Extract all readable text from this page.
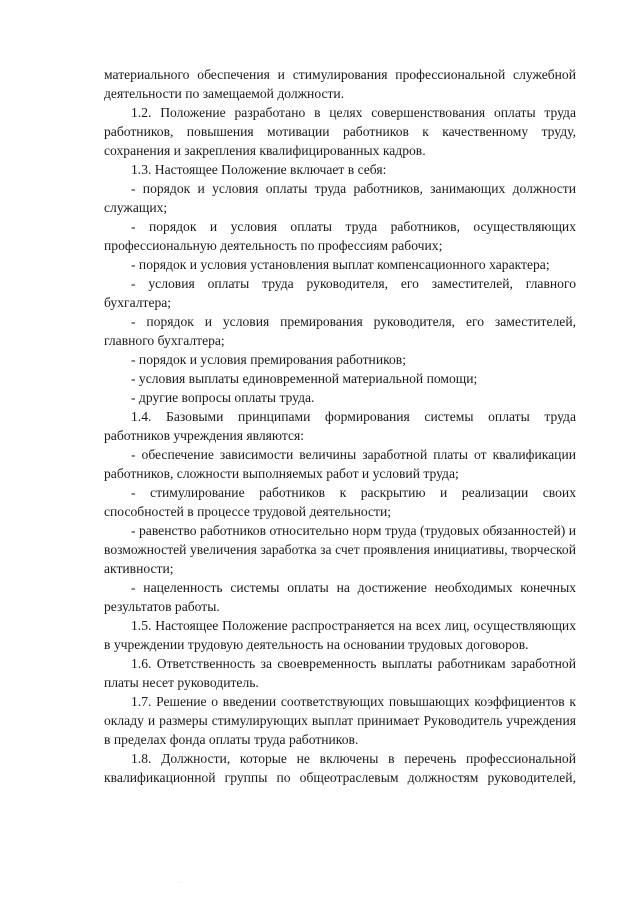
материального обеспечения и стимулирования профессиональной служебной деятельности по замещаемой должности.

1.2. Положение разработано в целях совершенствования оплаты труда работников, повышения мотивации работников к качественному труду, сохранения и закрепления квалифицированных кадров.

1.3. Настоящее Положение включает в себя:

- порядок и условия оплаты труда работников, занимающих должности служащих;

- порядок и условия оплаты труда работников, осуществляющих профессиональную деятельность по профессиям рабочих;

- порядок и условия установления выплат компенсационного характера;

- условия оплаты труда руководителя, его заместителей, главного бухгалтера;

- порядок и условия премирования руководителя, его заместителей, главного бухгалтера;

- порядок и условия премирования работников;

- условия выплаты единовременной материальной помощи;

- другие вопросы оплаты труда.

1.4. Базовыми принципами формирования системы оплаты труда работников учреждения являются:

- обеспечение зависимости величины заработной платы от квалификации работников, сложности выполняемых работ и условий труда;

- стимулирование работников к раскрытию и реализации своих способностей в процессе трудовой деятельности;

- равенство работников относительно норм труда (трудовых обязанностей) и возможностей увеличения заработка за счет проявления инициативы, творческой активности;

- нацеленность системы оплаты на достижение необходимых конечных результатов работы.

1.5. Настоящее Положение распространяется на всех лиц, осуществляющих в учреждении трудовую деятельность на основании трудовых договоров.

1.6. Ответственность за своевременность выплаты работникам заработной платы несет руководитель.

1.7. Решение о введении соответствующих повышающих коэффициентов к окладу и размеры стимулирующих выплат принимает Руководитель учреждения в пределах фонда оплаты труда работников.

1.8. Должности, которые не включены в перечень профессиональной квалификационной группы по общеотраслевым должностям руководителей,

. .
